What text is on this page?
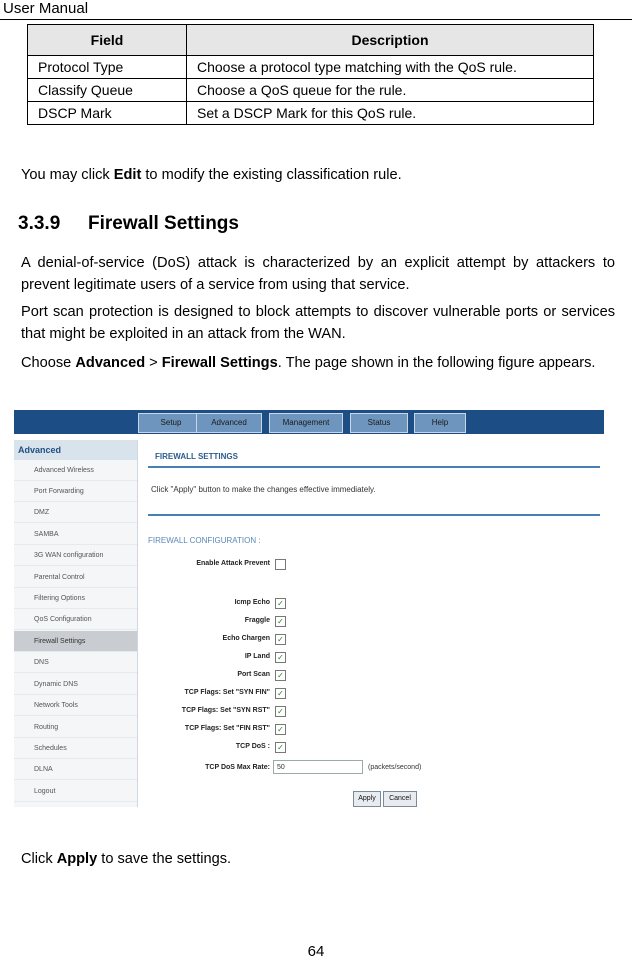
User Manual
Field	Description
Protocol Type	Choose a protocol type matching with the QoS rule.
Classify Queue	Choose a QoS queue for the rule.
DSCP Mark	Set a DSCP Mark for this QoS rule.
You may click Edit to modify the existing classification rule.
3.3.9 Firewall Settings
A denial-of-service (DoS) attack is characterized by an explicit attempt by attackers to prevent legitimate users of a service from using that service.
Port scan protection is designed to block attempts to discover vulnerable ports or services that might be exploited in an attack from the WAN.
Choose Advanced > Firewall Settings. The page shown in the following figure appears.
Setup	Advanced	Management	Status	Help
Advanced
Advanced Wireless
Port Forwarding
DMZ
SAMBA
3G WAN configuration
Parental Control
Filtering Options
QoS Configuration
Firewall Settings
DNS
Dynamic DNS
Network Tools
Routing
Schedules
DLNA
Logout
FIREWALL SETTINGS
Click "Apply" button to make the changes effective immediately.
FIREWALL CONFIGURATION :
Enable Attack Prevent
Icmp Echo ✓
Fraggle ✓
Echo Chargen ✓
IP Land ✓
Port Scan ✓
TCP Flags: Set "SYN FIN" ✓
TCP Flags: Set "SYN RST" ✓
TCP Flags: Set "FIN RST" ✓
TCP DoS : ✓
TCP DoS Max Rate:	50	(packets/second)
Apply	Cancel
Click Apply to save the settings.
64
